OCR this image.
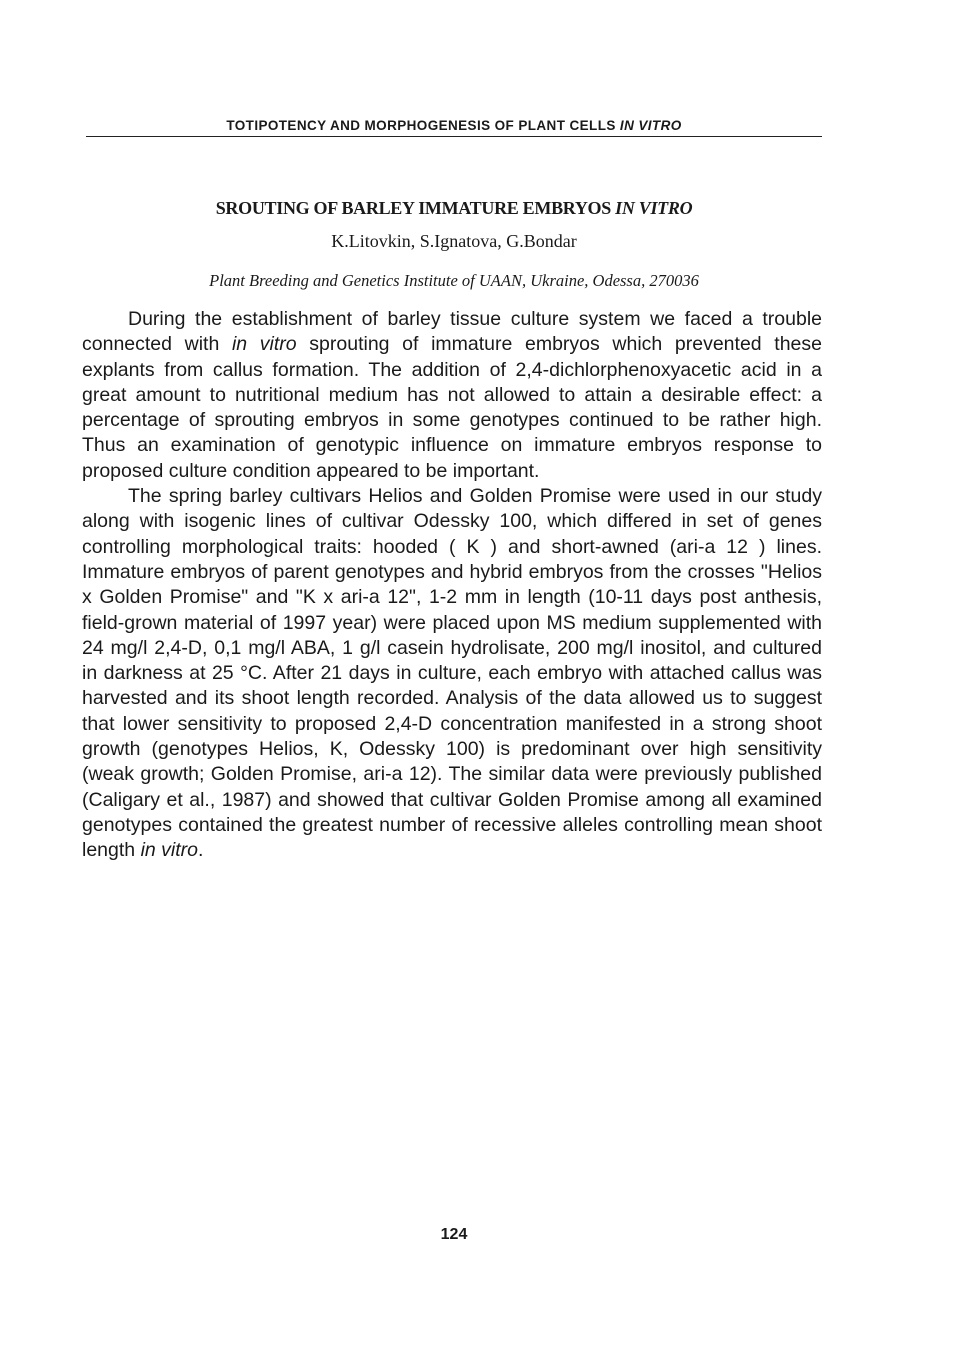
TOTIPOTENCY AND MORPHOGENESIS OF PLANT CELLS IN VITRO
SROUTING OF BARLEY IMMATURE EMBRYOS IN VITRO
K.Litovkin, S.Ignatova, G.Bondar
Plant Breeding and Genetics Institute of UAAN, Ukraine, Odessa, 270036

During the establishment of barley tissue culture system we faced a trouble connected with in vitro sprouting of immature embryos which prevented these explants from callus formation. The addition of 2,4-dichlorphenoxyacetic acid in a great amount to nutritional medium has not allowed to attain a desirable effect: a percentage of sprouting embryos in some genotypes continued to be rather high. Thus an examination of genotypic influence on immature embryos response to proposed culture condition appeared to be important.

The spring barley cultivars Helios and Golden Promise were used in our study along with isogenic lines of cultivar Odessky 100, which differed in set of genes controlling morphological traits: hooded ( K ) and short-awned (ari-a 12 ) lines. Immature embryos of parent genotypes and hybrid embryos from the crosses "Helios x Golden Promise" and "K x ari-a 12", 1-2 mm in length (10-11 days post anthesis, field-grown material of 1997 year) were placed upon MS medium supplemented with 24 mg/l 2,4-D, 0,1 mg/l ABA, 1 g/l casein hydrolisate, 200 mg/l inositol, and cultured in darkness at 25 °C. After 21 days in culture, each embryo with attached callus was harvested and its shoot length recorded. Analysis of the data allowed us to suggest that lower sensitivity to proposed 2,4-D concentration manifested in a strong shoot growth (genotypes Helios, K, Odessky 100) is predominant over high sensitivity (weak growth; Golden Promise, ari-a 12). The similar data were previously published (Caligary et al., 1987) and showed that cultivar Golden Promise among all examined genotypes contained the greatest number of recessive alleles controlling mean shoot length in vitro.

124
